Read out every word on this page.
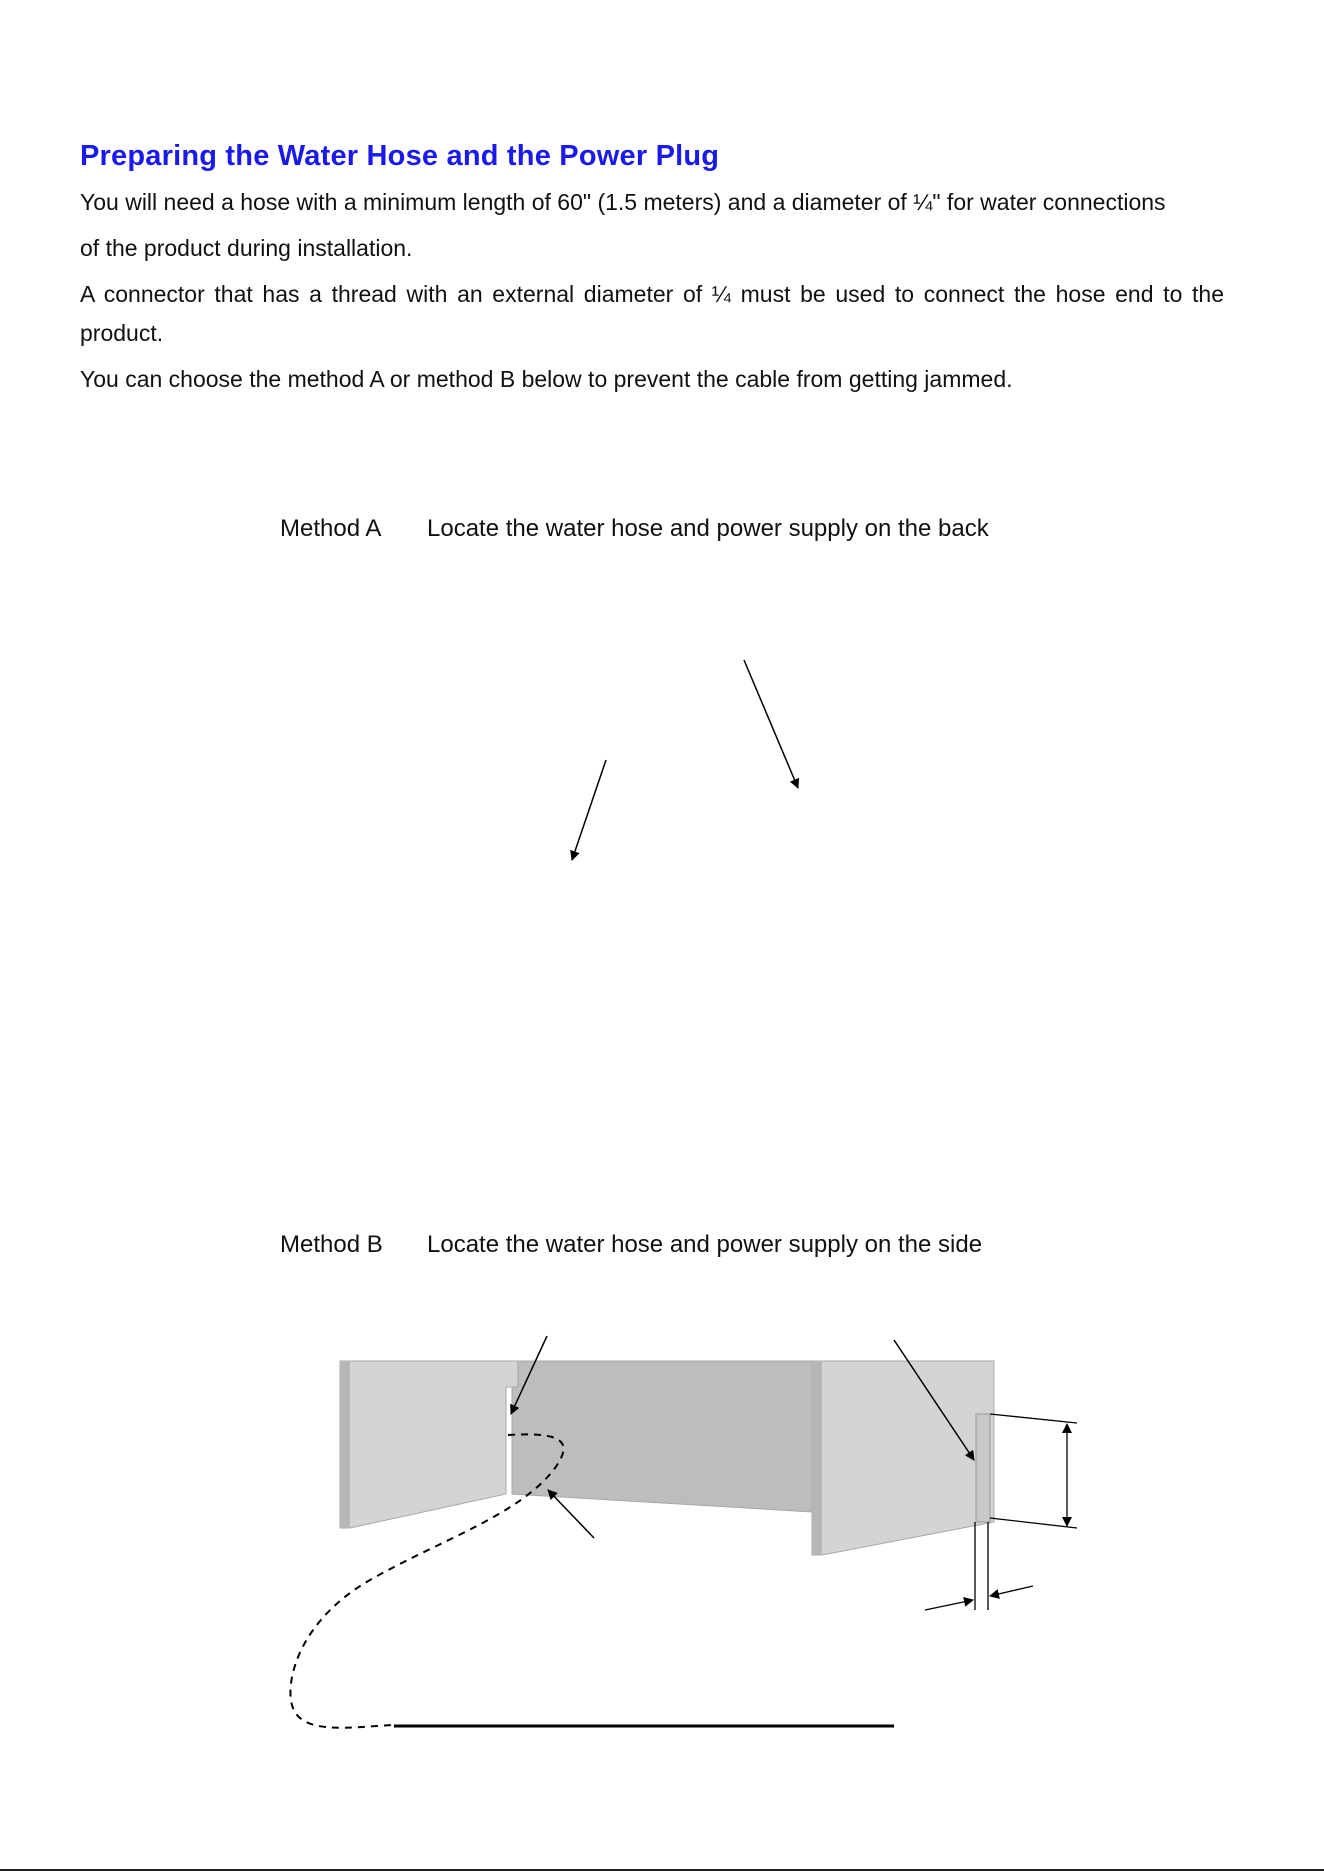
Preparing the Water Hose and the Power Plug

You will need a hose with a minimum length of 60" (1.5 meters) and a diameter of ¼" for water connections

of the product during installation.

A connector that has a thread with an external diameter of ¼ must be used to connect the hose end to the product.

You can choose the method A or method B below to prevent the cable from getting jammed.

Method A Locate the water hose and power supply on the back
Method B Locate the water hose and power supply on the side
